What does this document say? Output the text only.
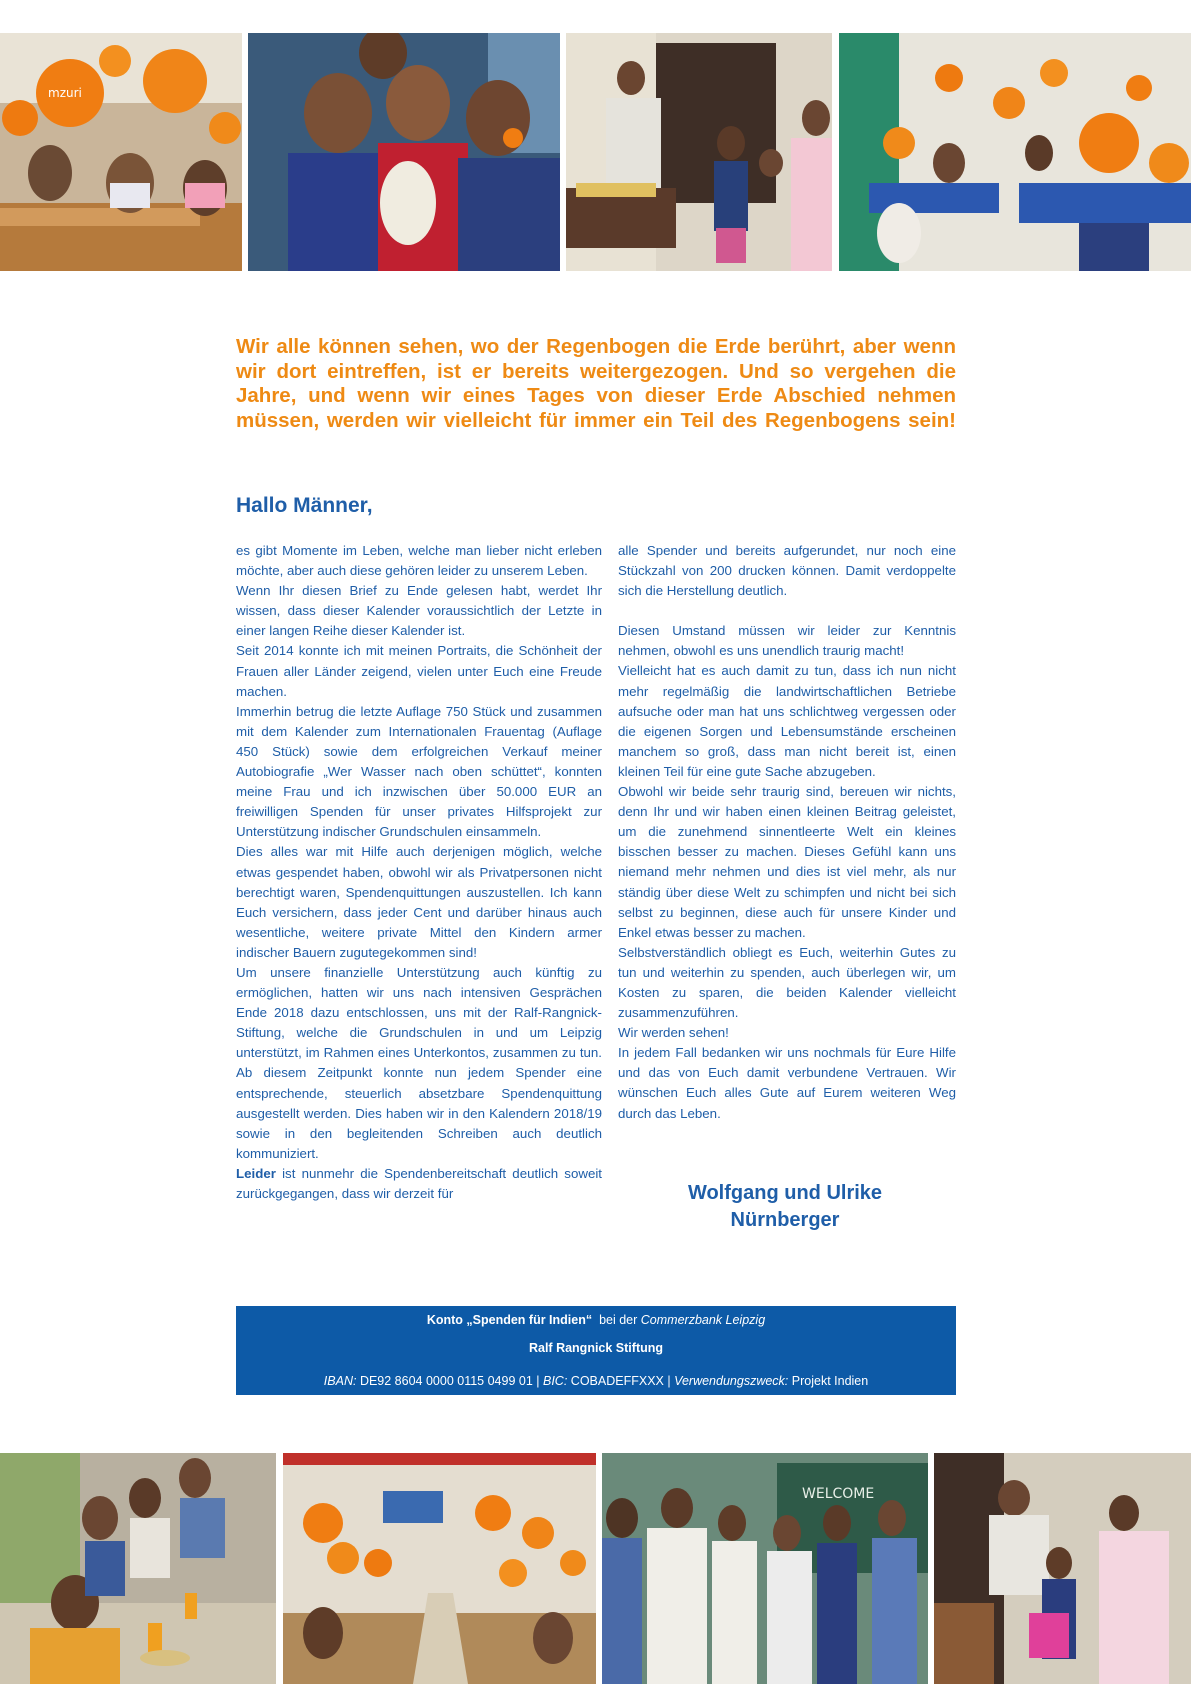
mzuri

Wir alle können sehen, wo der Regenbogen die Erde berührt, aber wenn wir dort eintreffen, ist er bereits weitergezogen. Und so vergehen die Jahre, und wenn wir eines Tages von dieser Erde Abschied nehmen müssen, werden wir vielleicht für immer ein Teil des Regenbogens sein!

Hallo Männer,

es gibt Momente im Leben, welche man lieber nicht erleben möchte, aber auch diese gehören leider zu unserem Leben.

Wenn Ihr diesen Brief zu Ende gelesen habt, werdet Ihr wissen, dass dieser Kalender voraussichtlich der Letzte in einer langen Reihe dieser Kalender ist.

Seit 2014 konnte ich mit meinen Portraits, die Schönheit der Frauen aller Länder zeigend, vielen unter Euch eine Freude machen.

Immerhin betrug die letzte Auflage 750 Stück und zusammen mit dem Kalender zum Internationalen Frauentag (Auflage 450 Stück) sowie dem erfolgreichen Verkauf meiner Autobiografie „Wer Wasser nach oben schüttet“, konnten meine Frau und ich inzwischen über 50.000 EUR an freiwilligen Spenden für unser privates Hilfsprojekt zur Unterstützung indischer Grundschulen einsammeln.

Dies alles war mit Hilfe auch derjenigen möglich, welche etwas gespendet haben, obwohl wir als Privatpersonen nicht berechtigt waren, Spendenquittungen auszustellen. Ich kann Euch versichern, dass jeder Cent und darüber hinaus auch wesentliche, weitere private Mittel den Kindern armer indischer Bauern zugutegekommen sind!

Um unsere finanzielle Unterstützung auch künftig zu ermöglichen, hatten wir uns nach intensiven Gesprächen Ende 2018 dazu entschlossen, uns mit der Ralf-Rangnick-Stiftung, welche die Grundschulen in und um Leipzig unterstützt, im Rahmen eines Unterkontos, zusammen zu tun. Ab diesem Zeitpunkt konnte nun jedem Spender eine entsprechende, steuerlich absetzbare Spendenquittung ausgestellt werden. Dies haben wir in den Kalendern 2018/19 sowie in den begleitenden Schreiben auch deutlich kommuniziert.

Leider ist nunmehr die Spendenbereitschaft deutlich soweit zurückgegangen, dass wir derzeit für

alle Spender und bereits aufgerundet, nur noch eine Stückzahl von 200 drucken können. Damit verdoppelte sich die Herstellung deutlich.

Diesen Umstand müssen wir leider zur Kenntnis nehmen, obwohl es uns unendlich traurig macht!

Vielleicht hat es auch damit zu tun, dass ich nun nicht mehr regelmäßig die landwirtschaftlichen Betriebe aufsuche oder man hat uns schlichtweg vergessen oder die eigenen Sorgen und Lebensumstände erscheinen manchem so groß, dass man nicht bereit ist, einen kleinen Teil für eine gute Sache abzugeben.

Obwohl wir beide sehr traurig sind, bereuen wir nichts, denn Ihr und wir haben einen kleinen Beitrag geleistet, um die zunehmend sinnentleerte Welt ein kleines bisschen besser zu machen. Dieses Gefühl kann uns niemand mehr nehmen und dies ist viel mehr, als nur ständig über diese Welt zu schimpfen und nicht bei sich selbst zu beginnen, diese auch für unsere Kinder und Enkel etwas besser zu machen.

Selbstverständlich obliegt es Euch, weiterhin Gutes zu tun und weiterhin zu spenden, auch überlegen wir, um Kosten zu sparen, die beiden Kalender vielleicht zusammenzuführen.

Wir werden sehen!

In jedem Fall bedanken wir uns nochmals für Eure Hilfe und das von Euch damit verbundene Vertrauen. Wir wünschen Euch alles Gute auf Eurem weiteren Weg durch das Leben.

Wolfgang und Ulrike
Nürnberger

Konto „Spenden für Indien“ bei der Commerzbank Leipzig
Ralf Rangnick Stiftung
IBAN: DE92 8604 0000 0115 0499 01 | BIC: COBADEFFXXX | Verwendungszweck: Projekt Indien
WELCOME
